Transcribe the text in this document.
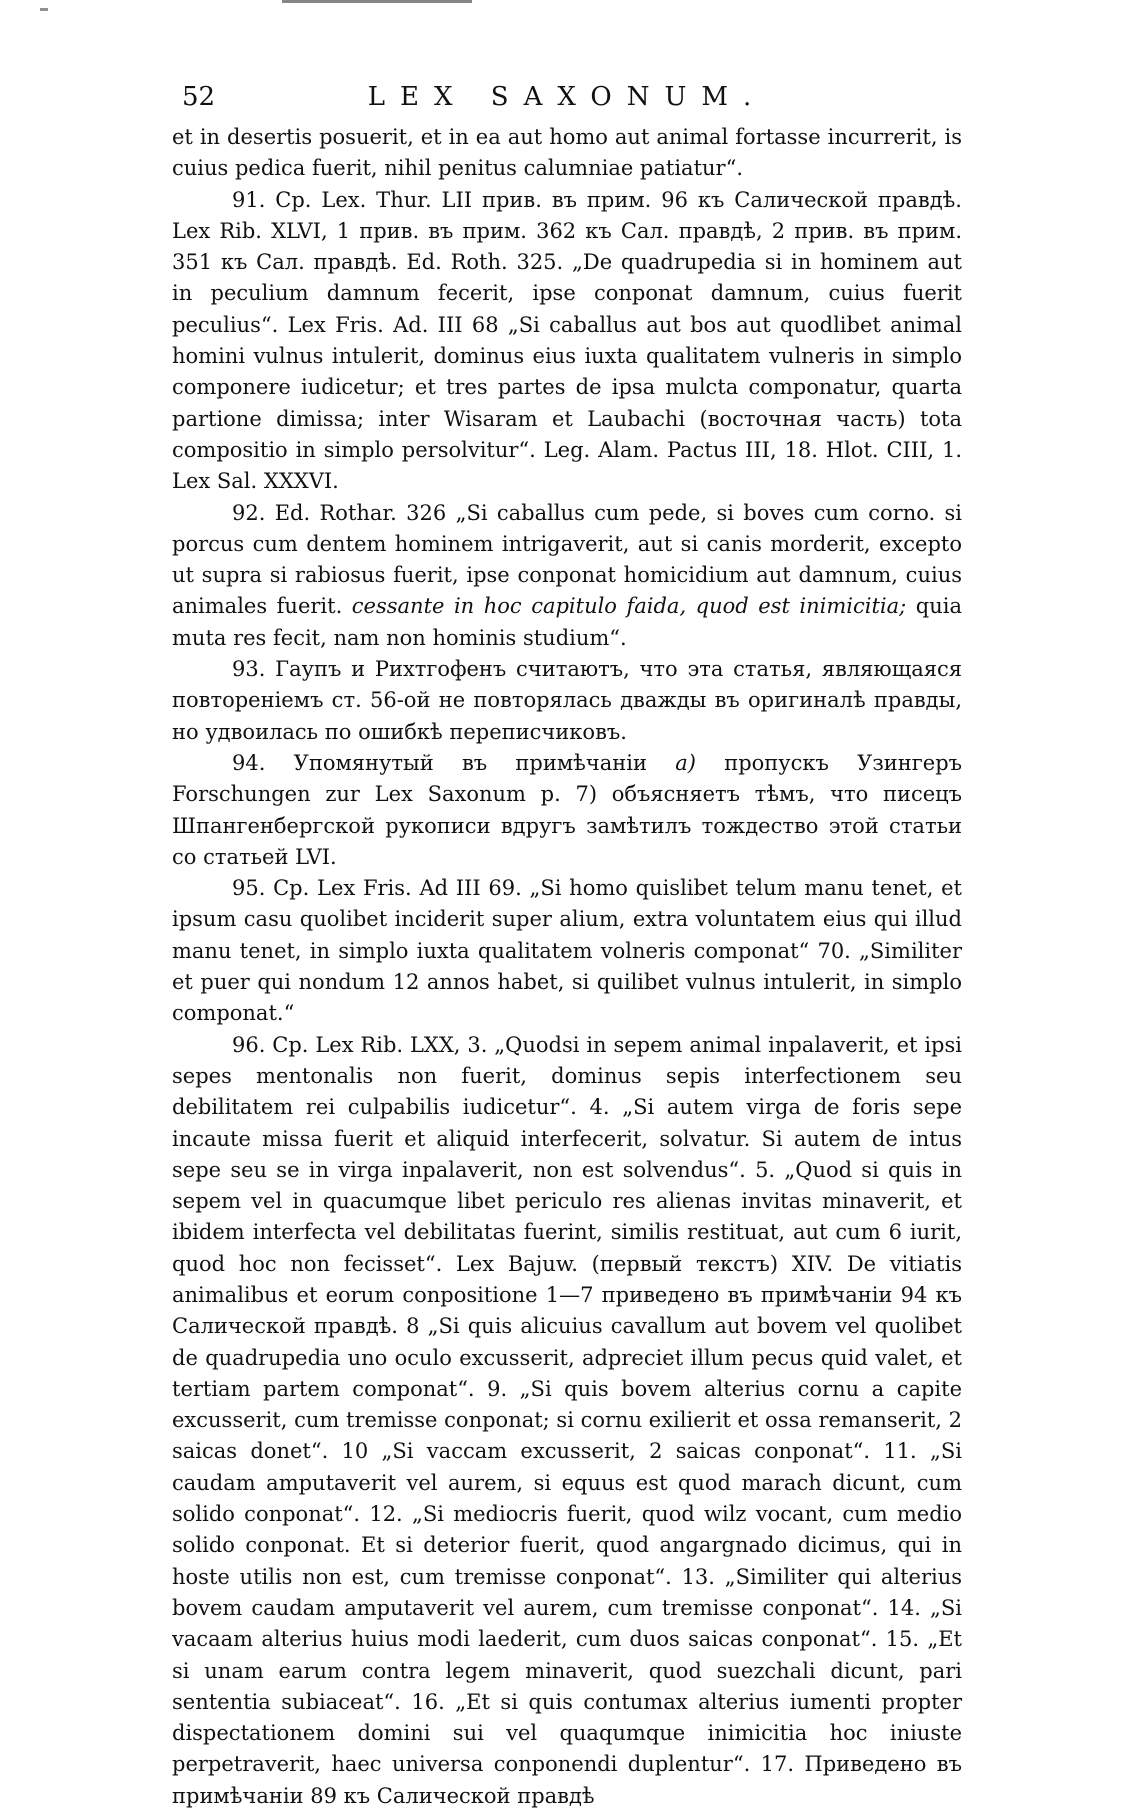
52	LEX SAXONUM.

et in desertis posuerit, et in ea aut homo aut animal fortasse incurrerit, is cuius pedica fuerit, nihil penitus calumniae patiatur“.

91. Ср. Lex. Thur. LII прив. въ прим. 96 къ Салической правдѣ. Lex Rib. XLVI, 1 прив. въ прим. 362 къ Сал. правдѣ, 2 прив. въ прим. 351 къ Сал. правдѣ. Ed. Roth. 325. „De quadrupedia si in hominem aut in peculium damnum fecerit, ipse conponat damnum, cuius fuerit peculius“. Lex Fris. Ad. III 68 „Si caballus aut bos aut quodlibet animal homini vulnus intulerit, dominus eius iuxta qualitatem vulneris in simplo componere iudicetur; et tres partes de ipsa mulcta componatur, quarta partione dimissa; inter Wisaram et Laubachi (восточная часть) tota compositio in simplo persolvitur“. Leg. Alam. Pactus III, 18. Hlot. CIII, 1. Lex Sal. XXXVI.

92. Ed. Rothar. 326 „Si caballus cum pede, si boves cum corno. si porcus cum dentem hominem intrigaverit, aut si canis morderit, excepto ut supra si rabiosus fuerit, ipse conponat homicidium aut damnum, cuius animales fuerit. cessante in hoc capitulo faida, quod est inimicitia; quia muta res fecit, nam non hominis studium“.

93. Гаупъ и Рихтгофенъ считаютъ, что эта статья, являющаяся повтореніемъ ст. 56-ой не повторялась дважды въ оригиналѣ правды, но удвоилась по ошибкѣ переписчиковъ.

94. Упомянутый въ примѣчаніи a) пропускъ Узингеръ Forschungen zur Lex Saxonum p. 7) объясняетъ тѣмъ, что писецъ Шпангенбергской рукописи вдругъ замѣтилъ тождество этой статьи со статьей LVI.

95. Ср. Lex Fris. Ad III 69. „Si homo quislibet telum manu tenet, et ipsum casu quolibet inciderit super alium, extra voluntatem eius qui illud manu tenet, in simplo iuxta qualitatem volneris componat“ 70. „Similiter et puer qui nondum 12 annos habet, si quilibet vulnus intulerit, in simplo componat.“

96. Ср. Lex Rib. LXX, 3. „Quodsi in sepem animal inpalaverit, et ipsi sepes mentonalis non fuerit, dominus sepis interfectionem seu debilitatem rei culpabilis iudicetur“. 4. „Si autem virga de foris sepe incaute missa fuerit et aliquid interfecerit, solvatur. Si autem de intus sepe seu se in virga inpalaverit, non est solvendus“. 5. „Quod si quis in sepem vel in quacumque libet periculo res alienas invitas minaverit, et ibidem interfecta vel debilitatas fuerint, similis restituat, aut cum 6 iurit, quod hoc non fecisset“. Lex Bajuw. (первый текстъ) XIV. De vitiatis animalibus et eorum conpositione 1—7 приведено въ примѣчаніи 94 къ Салической правдѣ. 8 „Si quis alicuius cavallum aut bovem vel quolibet de quadrupedia uno oculo excusserit, adpreciet illum pecus quid valet, et tertiam partem componat“. 9. „Si quis bovem alterius cornu a capite excusserit, cum tremisse conponat; si cornu exilierit et ossa remanserit, 2 saicas donet“. 10 „Si vaccam excusserit, 2 saicas conponat“. 11. „Si caudam amputaverit vel aurem, si equus est quod marach dicunt, cum solido conponat“. 12. „Si mediocris fuerit, quod wilz vocant, cum medio solido conponat. Et si deterior fuerit, quod angargnado dicimus, qui in hoste utilis non est, cum tremisse conponat“. 13. „Similiter qui alterius bovem caudam amputaverit vel aurem, cum tremisse conponat“. 14. „Si vacaam alterius huius modi laederit, cum duos saicas conponat“. 15. „Et si unam earum contra legem minaverit, quod suezchali dicunt, pari sententia subiaceat“. 16. „Et si quis contumax alterius iumenti propter dispectationem domini sui vel quaqumque inimicitia hoc iniuste perpetraverit, haec universa conponendi duplentur“. 17. Приведено въ примѣчаніи 89 къ Салической правдѣ
